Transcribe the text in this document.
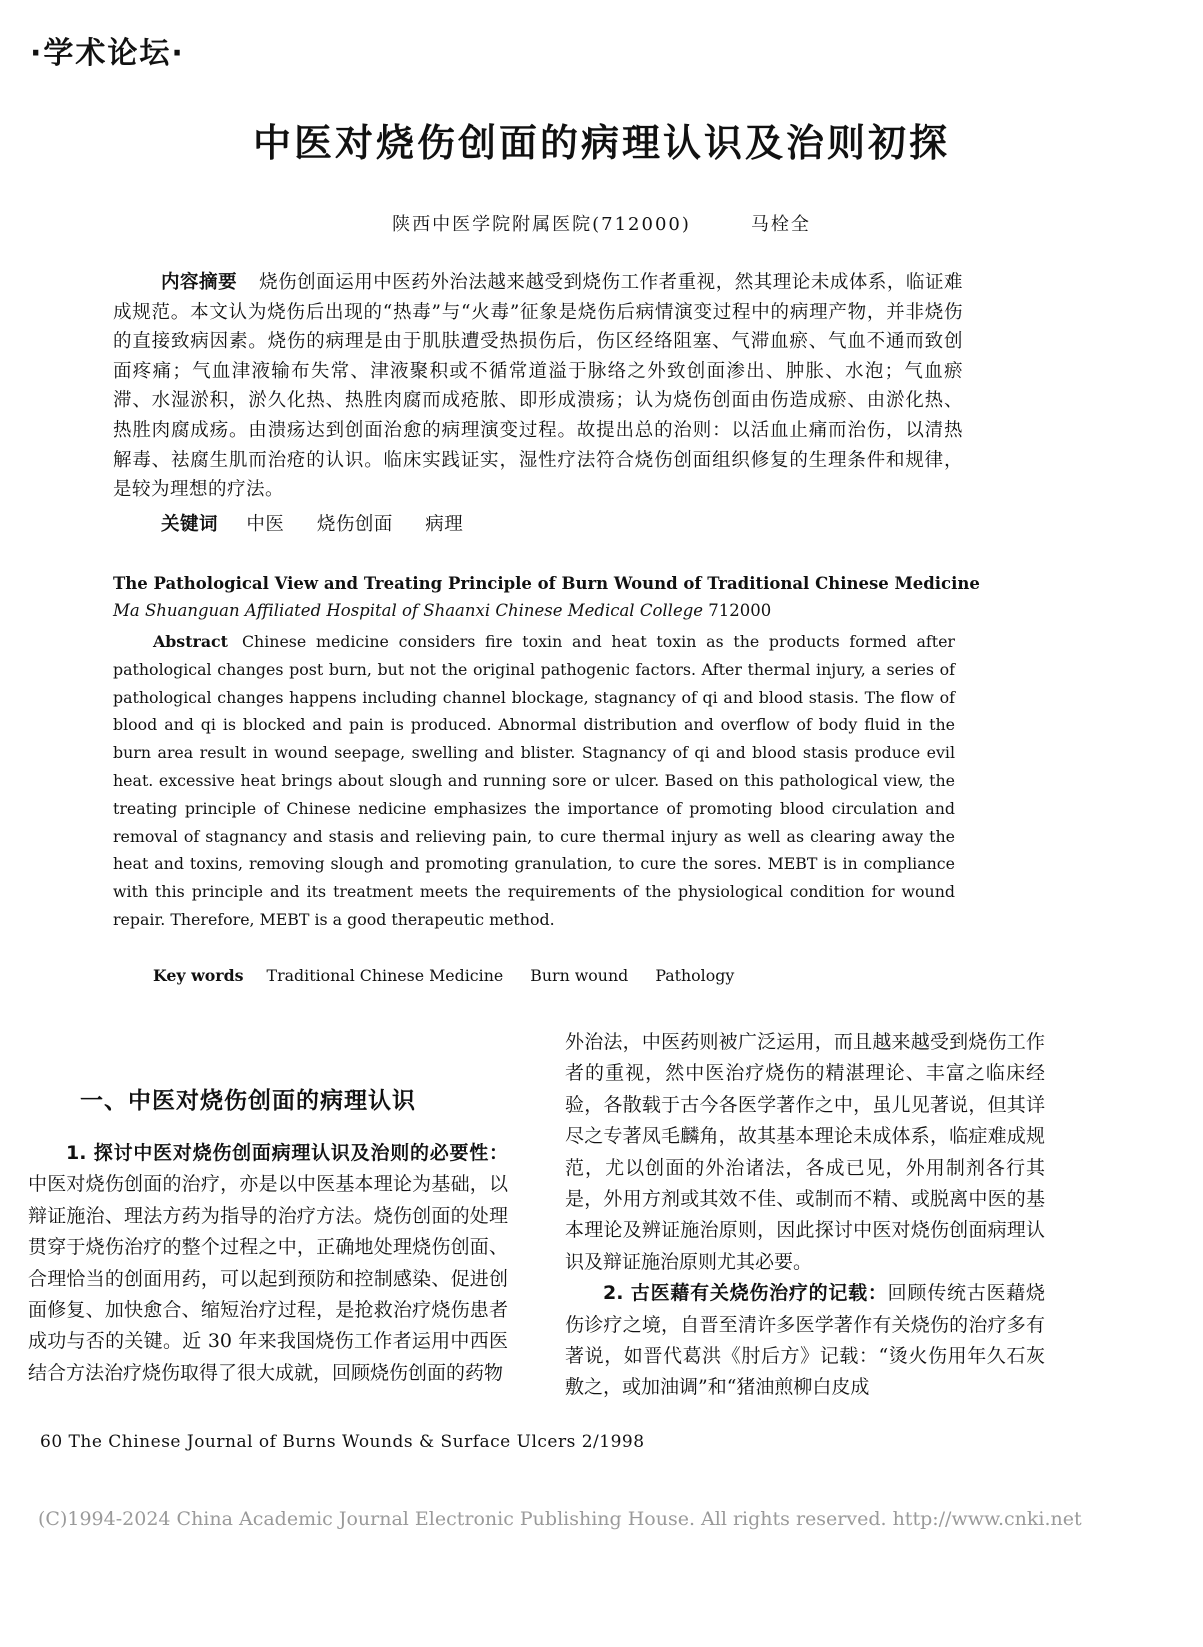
·学术论坛·
中医对烧伤创面的病理认识及治则初探
陕西中医学院附属医院(712000)	马栓全
内容摘要 烧伤创面运用中医药外治法越来越受到烧伤工作者重视，然其理论未成体系，临证难成规范。本文认为烧伤后出现的“热毒”与“火毒”征象是烧伤后病情演变过程中的病理产物，并非烧伤的直接致病因素。烧伤的病理是由于肌肤遭受热损伤后，伤区经络阻塞、气滞血瘀、气血不通而致创面疼痛；气血津液输布失常、津液聚积或不循常道溢于脉络之外致创面渗出、肿胀、水泡；气血瘀滞、水湿淤积，淤久化热、热胜肉腐而成疮脓、即形成溃疡；认为烧伤创面由伤造成瘀、由淤化热、热胜肉腐成疡。由溃疡达到创面治愈的病理演变过程。故提出总的治则：以活血止痛而治伤，以清热解毒、祛腐生肌而治疮的认识。临床实践证实，湿性疗法符合烧伤创面组织修复的生理条件和规律，是较为理想的疗法。
关键词 中医 烧伤创面 病理
The Pathological View and Treating Principle of Burn Wound of Traditional Chinese Medicine
Ma Shuanguan Affiliated Hospital of Shaanxi Chinese Medical College 712000
Abstract Chinese medicine considers fire toxin and heat toxin as the products formed after pathological changes post burn, but not the original pathogenic factors. After thermal injury, a series of pathological changes happens including channel blockage, stagnancy of qi and blood stasis. The flow of blood and qi is blocked and pain is produced. Abnormal distribution and overflow of body fluid in the burn area result in wound seepage, swelling and blister. Stagnancy of qi and blood stasis produce evil heat. excessive heat brings about slough and running sore or ulcer. Based on this pathological view, the treating principle of Chinese nedicine emphasizes the importance of promoting blood circulation and removal of stagnancy and stasis and relieving pain, to cure thermal injury as well as clearing away the heat and toxins, removing slough and promoting granulation, to cure the sores. MEBT is in compliance with this principle and its treatment meets the requirements of the physiological condition for wound repair. Therefore, MEBT is a good therapeutic method.
Key words Traditional Chinese Medicine Burn wound Pathology
一、中医对烧伤创面的病理认识

1. 探讨中医对烧伤创面病理认识及治则的必要性：中医对烧伤创面的治疗，亦是以中医基本理论为基础，以辩证施治、理法方药为指导的治疗方法。烧伤创面的处理贯穿于烧伤治疗的整个过程之中，正确地处理烧伤创面、合理恰当的创面用药，可以起到预防和控制感染、促进创面修复、加快愈合、缩短治疗过程，是抢救治疗烧伤患者成功与否的关键。近 30 年来我国烧伤工作者运用中西医结合方法治疗烧伤取得了很大成就，回顾烧伤创面的药物

外治法，中医药则被广泛运用，而且越来越受到烧伤工作者的重视，然中医治疗烧伤的精湛理论、丰富之临床经验，各散载于古今各医学著作之中，虽儿见著说，但其详尽之专著凤毛麟角，故其基本理论未成体系，临症难成规范，尤以创面的外治诸法，各成已见，外用制剂各行其是，外用方剂或其效不佳、或制而不精、或脱离中医的基本理论及辨证施治原则，因此探讨中医对烧伤创面病理认识及辩证施治原则尤其必要。

2. 古医藉有关烧伤治疗的记载：回顾传统古医藉烧伤诊疗之境，自晋至清许多医学著作有关烧伤的治疗多有著说，如晋代葛洪《肘后方》记载：“烫火伤用年久石灰敷之，或加油调”和“猪油煎柳白皮成

60 The Chinese Journal of Burns Wounds & Surface Ulcers 2/1998
(C)1994-2024 China Academic Journal Electronic Publishing House. All rights reserved. http://www.cnki.net
